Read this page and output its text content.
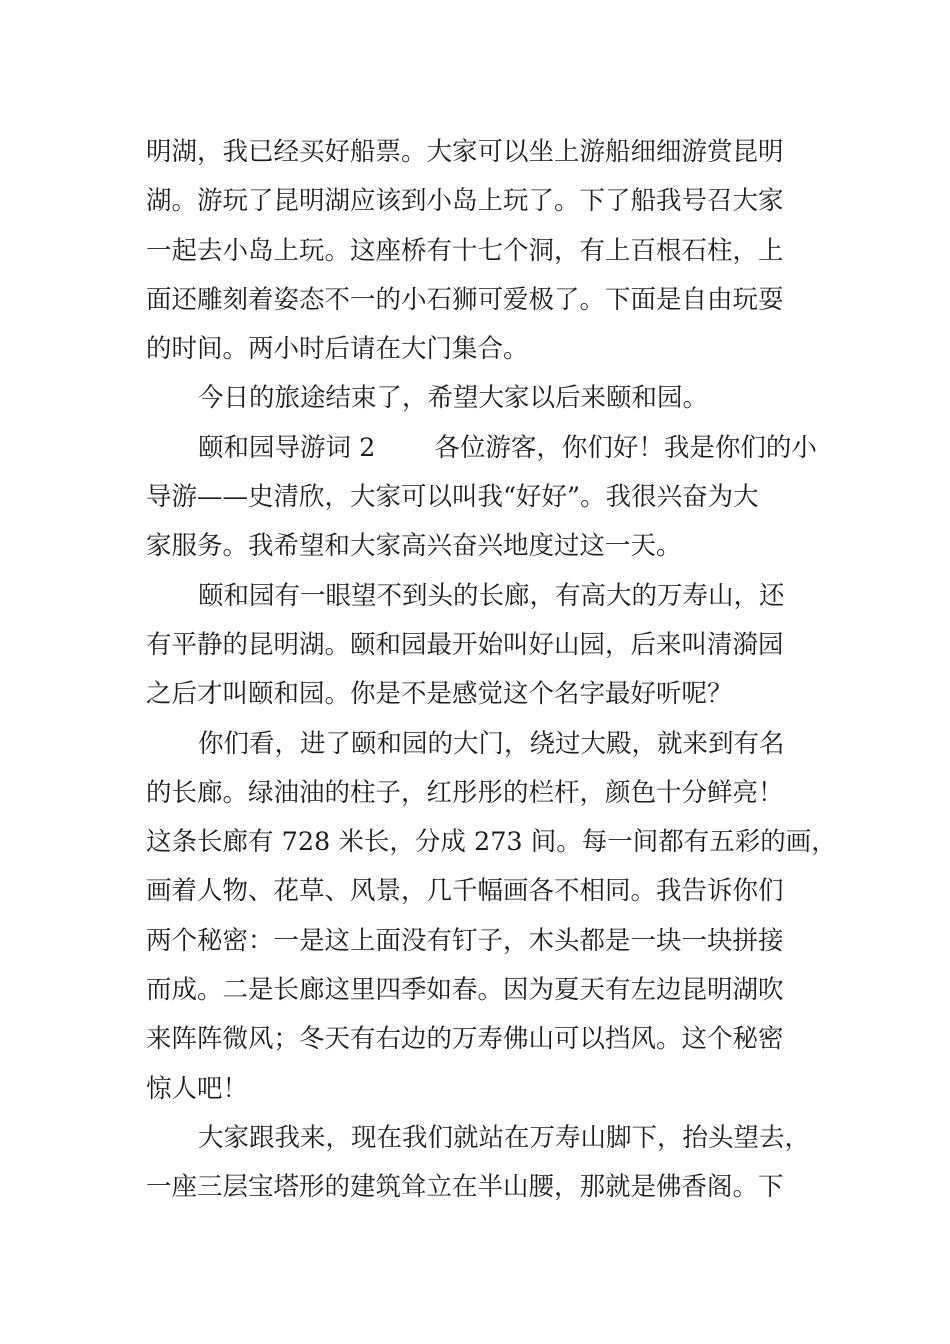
明湖，我已经买好船票。大家可以坐上游船细细游赏昆明
湖。游玩了昆明湖应该到小岛上玩了。下了船我号召大家
一起去小岛上玩。这座桥有十七个洞，有上百根石柱，上
面还雕刻着姿态不一的小石狮可爱极了。下面是自由玩耍
的时间。两小时后请在大门集合。
今日的旅途结束了，希望大家以后来颐和园。
颐和园导游词 2　　 各位游客，你们好！我是你们的小
导游——史清欣，大家可以叫我“好好”。我很兴奋为大
家服务。我希望和大家高兴奋兴地度过这一天。
颐和园有一眼望不到头的长廊，有高大的万寿山，还
有平静的昆明湖。颐和园最开始叫好山园，后来叫清漪园
之后才叫颐和园。你是不是感觉这个名字最好听呢？
你们看，进了颐和园的大门，绕过大殿，就来到有名
的长廊。绿油油的柱子，红彤彤的栏杆，颜色十分鲜亮！
这条长廊有 728 米长，分成 273 间。每一间都有五彩的画，
画着人物、花草、风景，几千幅画各不相同。我告诉你们
两个秘密：一是这上面没有钉子，木头都是一块一块拼接
而成。二是长廊这里四季如春。因为夏天有左边昆明湖吹
来阵阵微风；冬天有右边的万寿佛山可以挡风。这个秘密
惊人吧！
大家跟我来，现在我们就站在万寿山脚下，抬头望去，
一座三层宝塔形的建筑耸立在半山腰，那就是佛香阁。下
